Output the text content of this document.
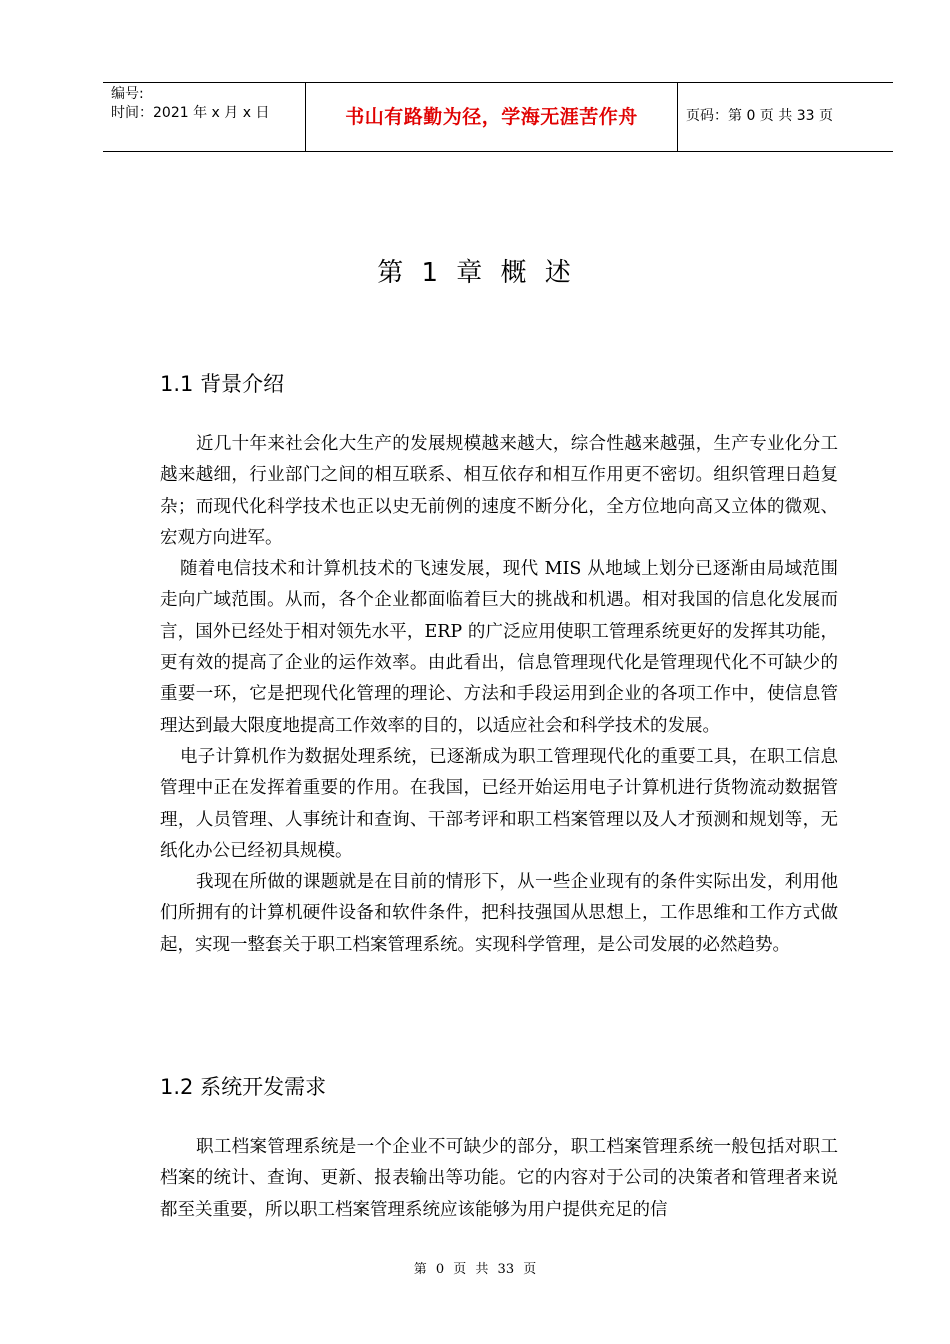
编号:
时间：2021 年 x 月 x 日	书山有路勤为径，学海无涯苦作舟	页码：第 0 页 共 33 页
第 1 章 概 述
1.1 背景介绍

近几十年来社会化大生产的发展规模越来越大，综合性越来越强，生产专业化分工越来越细，行业部门之间的相互联系、相互依存和相互作用更不密切。组织管理日趋复杂；而现代化科学技术也正以史无前例的速度不断分化，全方位地向高又立体的微观、宏观方向进军。

随着电信技术和计算机技术的飞速发展，现代 MIS 从地域上划分已逐渐由局域范围走向广域范围。从而，各个企业都面临着巨大的挑战和机遇。相对我国的信息化发展而言，国外已经处于相对领先水平，ERP 的广泛应用使职工管理系统更好的发挥其功能，更有效的提高了企业的运作效率。由此看出，信息管理现代化是管理现代化不可缺少的重要一环，它是把现代化管理的理论、方法和手段运用到企业的各项工作中，使信息管理达到最大限度地提高工作效率的目的，以适应社会和科学技术的发展。

电子计算机作为数据处理系统，已逐渐成为职工管理现代化的重要工具，在职工信息管理中正在发挥着重要的作用。在我国，已经开始运用电子计算机进行货物流动数据管理，人员管理、人事统计和查询、干部考评和职工档案管理以及人才预测和规划等，无纸化办公已经初具规模。

我现在所做的课题就是在目前的情形下，从一些企业现有的条件实际出发，利用他们所拥有的计算机硬件设备和软件条件，把科技强国从思想上，工作思维和工作方式做起，实现一整套关于职工档案管理系统。实现科学管理，是公司发展的必然趋势。

1.2 系统开发需求

职工档案管理系统是一个企业不可缺少的部分，职工档案管理系统一般包括对职工档案的统计、查询、更新、报表输出等功能。它的内容对于公司的决策者和管理者来说都至关重要，所以职工档案管理系统应该能够为用户提供充足的信

第 0 页 共 33 页
